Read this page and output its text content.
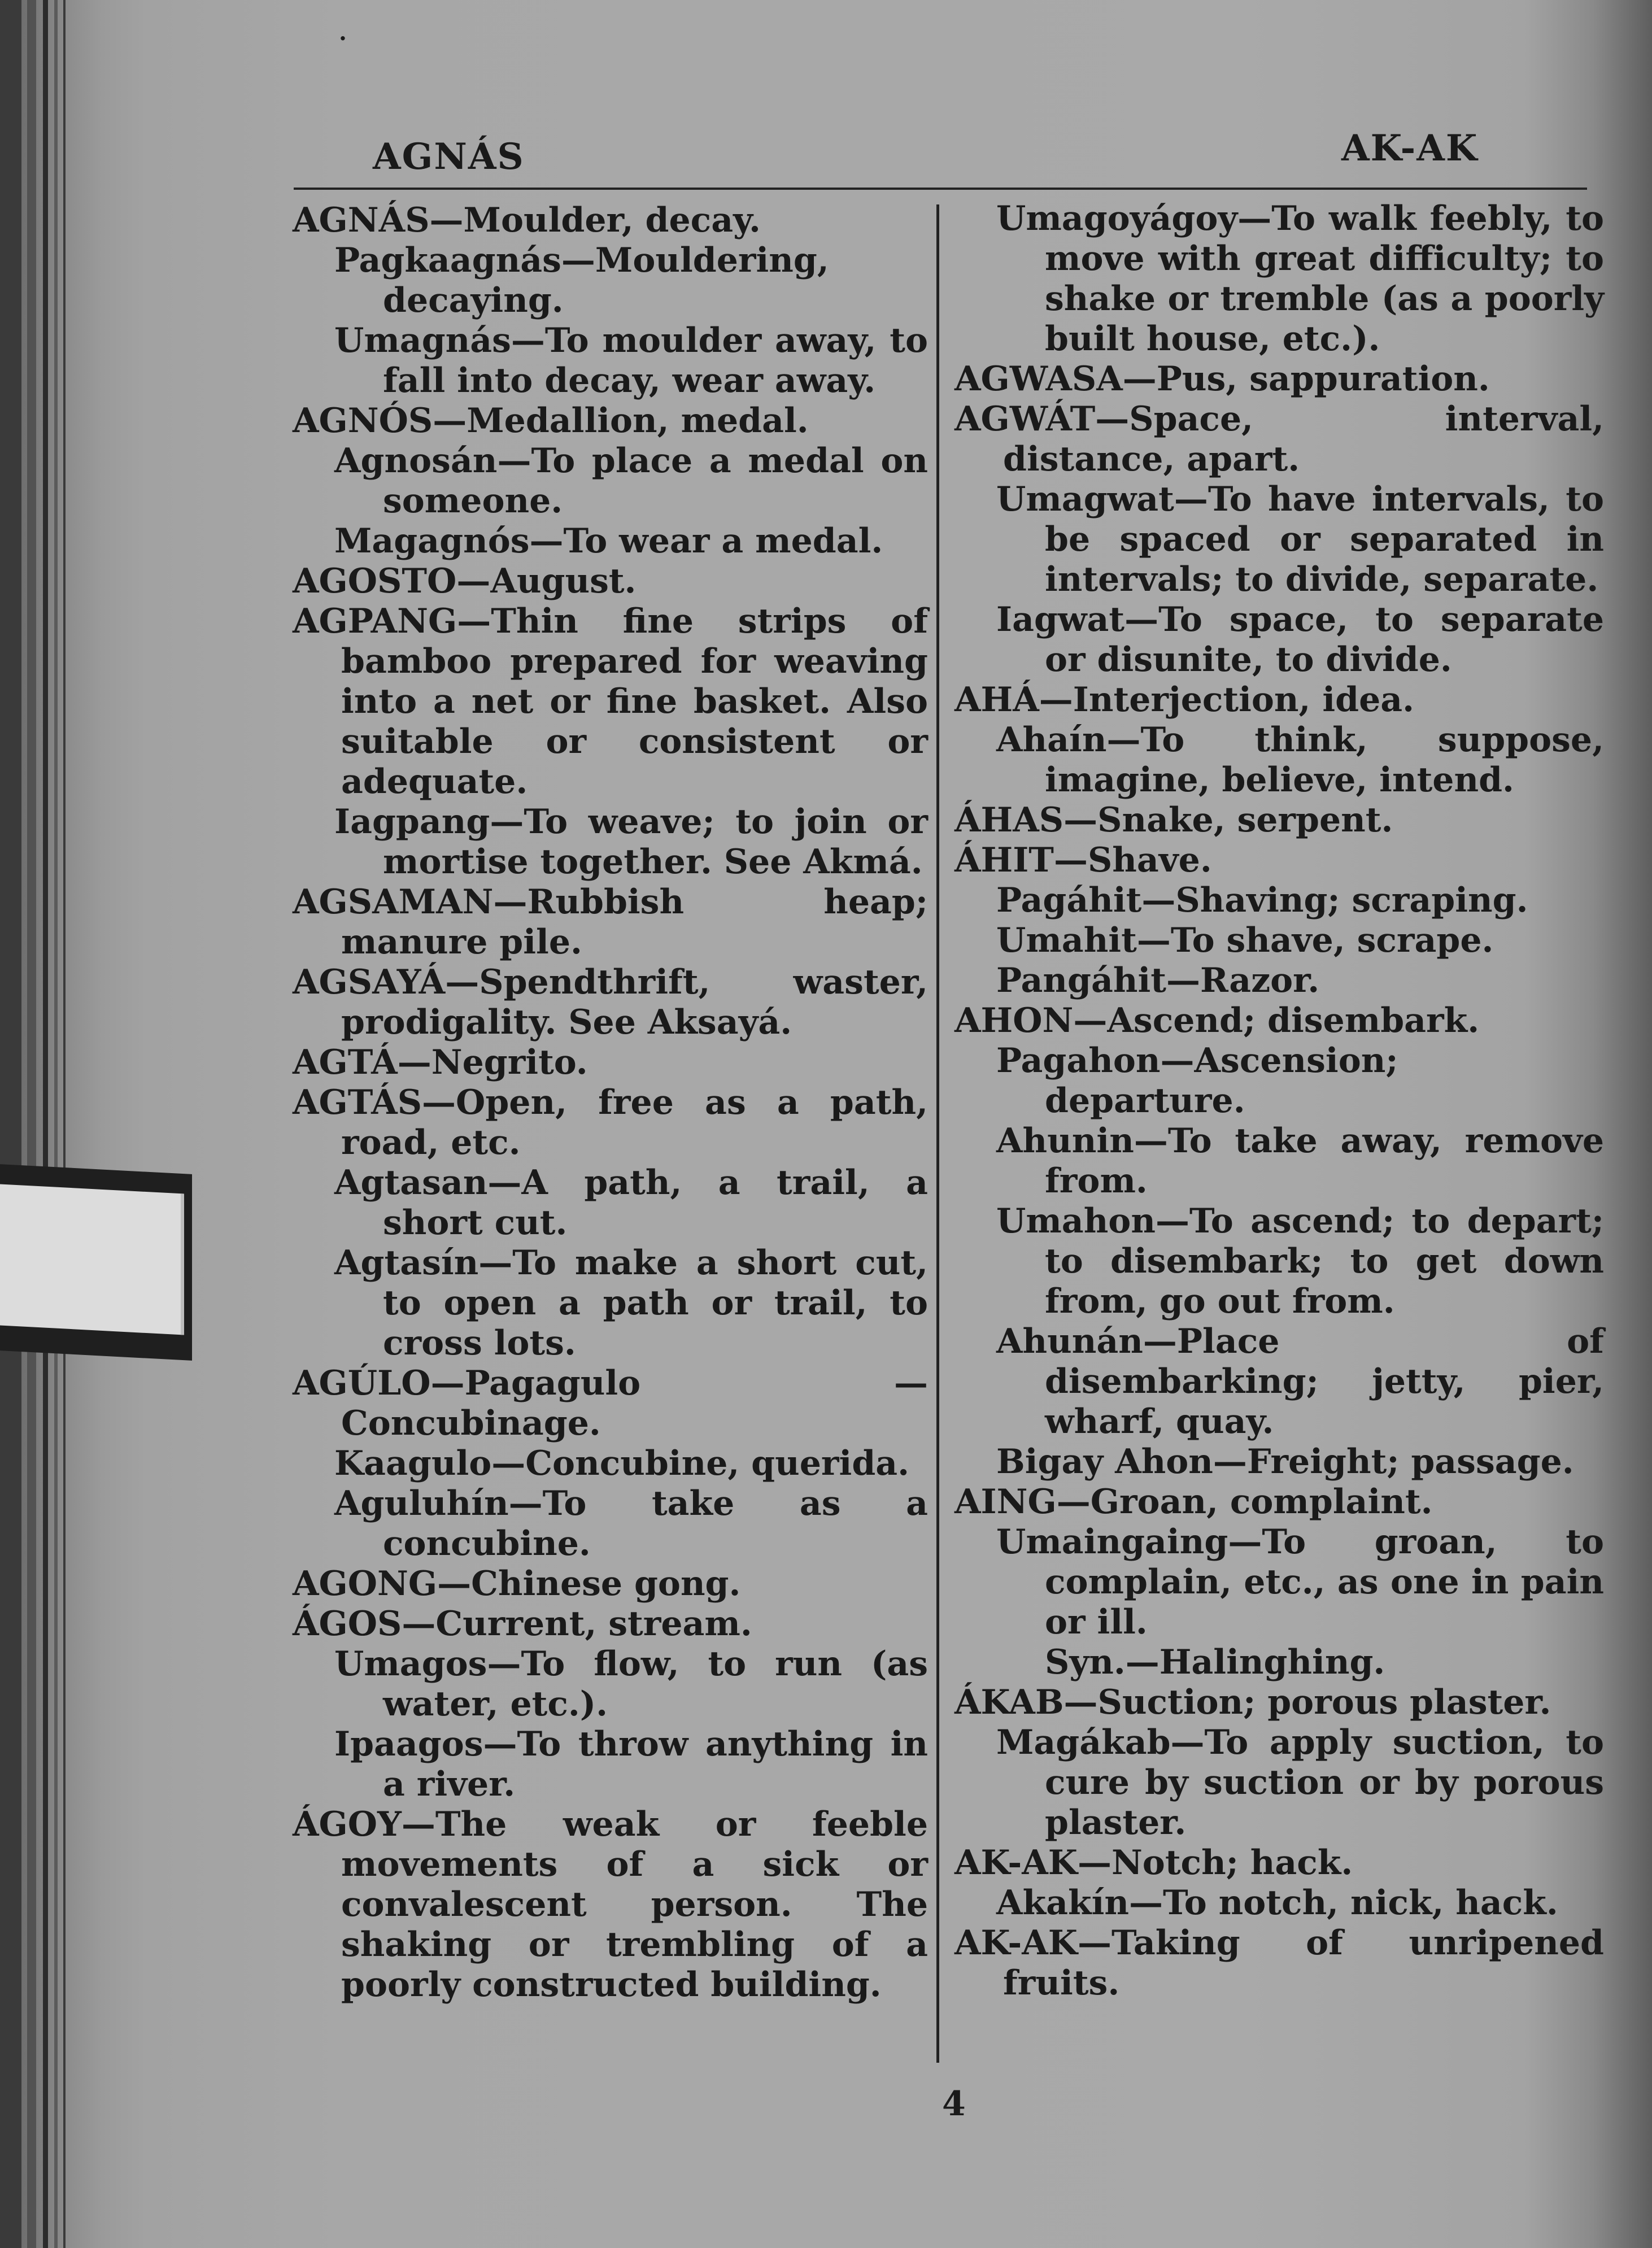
·
AGNÁS	AK-AK

AGNÁS—Moulder, decay.

Pagkaagnás—Mouldering, decaying.

Umagnás—To moulder away, to fall into decay, wear away.

AGNÓS—Medallion, medal.

Agnosán—To place a medal on someone.

Magagnós—To wear a medal.

AGOSTO—August.

AGPANG—Thin fine strips of bamboo prepared for weaving into a net or fine basket. Also suitable or consistent or adequate.

Iagpang—To weave; to join or mortise together. See Akmá.

AGSAMAN—Rubbish heap; manure pile.

AGSAYÁ—Spendthrift, waster, prodigality. See Aksayá.

AGTÁ—Negrito.

AGTÁS—Open, free as a path, road, etc.

Agtasan—A path, a trail, a short cut.

Agtasín—To make a short cut, to open a path or trail, to cross lots.

AGÚLO—Pagagulo — Concubinage.

Kaagulo—Concubine, querida.

Aguluhín—To take as a concubine.

AGONG—Chinese gong.

ÁGOS—Current, stream.

Umagos—To flow, to run (as water, etc.).

Ipaagos—To throw anything in a river.

ÁGOY—The weak or feeble movements of a sick or convalescent person. The shaking or trembling of a poorly constructed building.

Umagoyágoy—To walk feebly, to move with great difficulty; to shake or tremble (as a poorly built house, etc.).

AGWASA—Pus, sappuration.

AGWÁT—Space, interval, distance, apart.

Umagwat—To have intervals, to be spaced or separated in intervals; to divide, separate.

Iagwat—To space, to separate or disunite, to divide.

AHÁ—Interjection, idea.

Ahaín—To think, suppose, imagine, believe, intend.

ÁHAS—Snake, serpent.

ÁHIT—Shave.

Pagáhit—Shaving; scraping.

Umahit—To shave, scrape.

Pangáhit—Razor.

AHON—Ascend; disembark.

Pagahon—Ascension; departure.

Ahunin—To take away, remove from.

Umahon—To ascend; to depart; to disembark; to get down from, go out from.

Ahunán—Place of disembarking; jetty, pier, wharf, quay.

Bigay Ahon—Freight; passage.

AING—Groan, complaint.

Umaingaing—To groan, to complain, etc., as one in pain or ill.

Syn.—Halinghing.

ÁKAB—Suction; porous plaster.

Magákab—To apply suction, to cure by suction or by porous plaster.

AK-AK—Notch; hack.

Akakín—To notch, nick, hack.

AK-AK—Taking of unripened fruits.

4
